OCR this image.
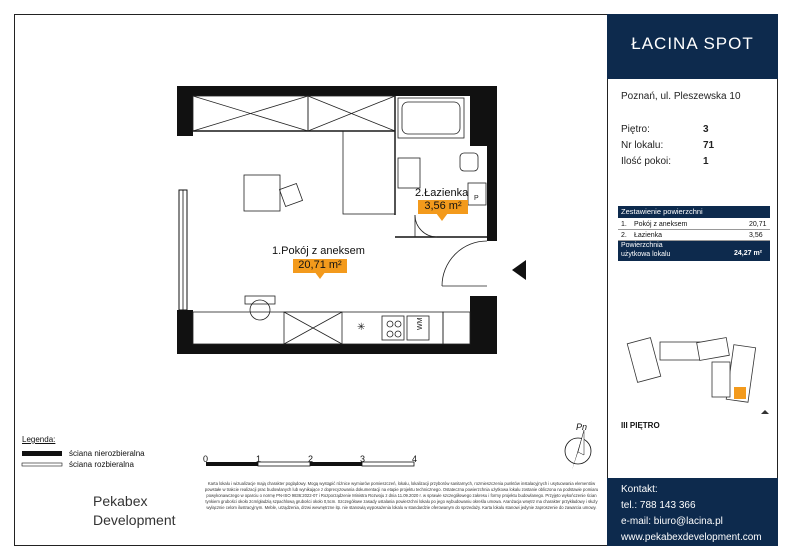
✳	WM
P
1.Pokój z aneksem
20,71 m²
2.Łazienka
3,56 m²
0	1	2	3	4
Pn
Legenda:
ściana nierozbieralna
ściana rozbieralna
Pekabex
Development
Karta lokalu i wizualizacje mają charakter poglądowy. Mogą wystąpić różnice wymiarów pomieszczeń, lokalu, lokalizacji przyborów sanitarnych, rozmieszczenia punktów instalacyjnych i usytuowania elementów powstałe w trakcie realizacji prac budowlanych lub wynikające z doprecyzowania dokumentacji na etapie projektu technicznego. Ostateczna powierzchnia użytkowa lokalu zostanie obliczona na podstawie pomiaru powykonawczego w oparciu o normę PN-ISO 9836:2022-07 i Rozporządzenie Ministra Rozwoju z dnia 11.09.2020 r. w sprawie szczegółowego zakresu i formy projektu budowlanego. Przyjęto wykończenie ścian tynkiem grubości około 2cm/gładzią szpachlową grubości około 0,5cm. Szczegółowe zasady ustalania powierzchni lokalu po jego wybudowaniu określa umowa. Aranżacja wnętrz ma charakter przykładowy i służy wyłącznie celom ilustracyjnym. Meble, urządzenia, drzwi wewnętrzne itp. nie stanowią wyposażenia lokalu w standardzie oferowanym do sprzedaży. Karta lokalu stanowi jedynie zaproszenie do zawarcia umowy.
ŁACINA SPOT
Poznań, ul. Pleszewska 10
Piętro:	3
Nr lokalu:	71
Ilość pokoi:	1
Zestawienie powierzchni
1. Pokój z aneksem	20,71
2. Łazienka	3,56
Powierzchnia
użytkowa lokalu	24,27 m²
III PIĘTRO
Kontakt:
tel.: 788 143 366
e-mail: biuro@lacina.pl
www.pekabexdevelopment.com
